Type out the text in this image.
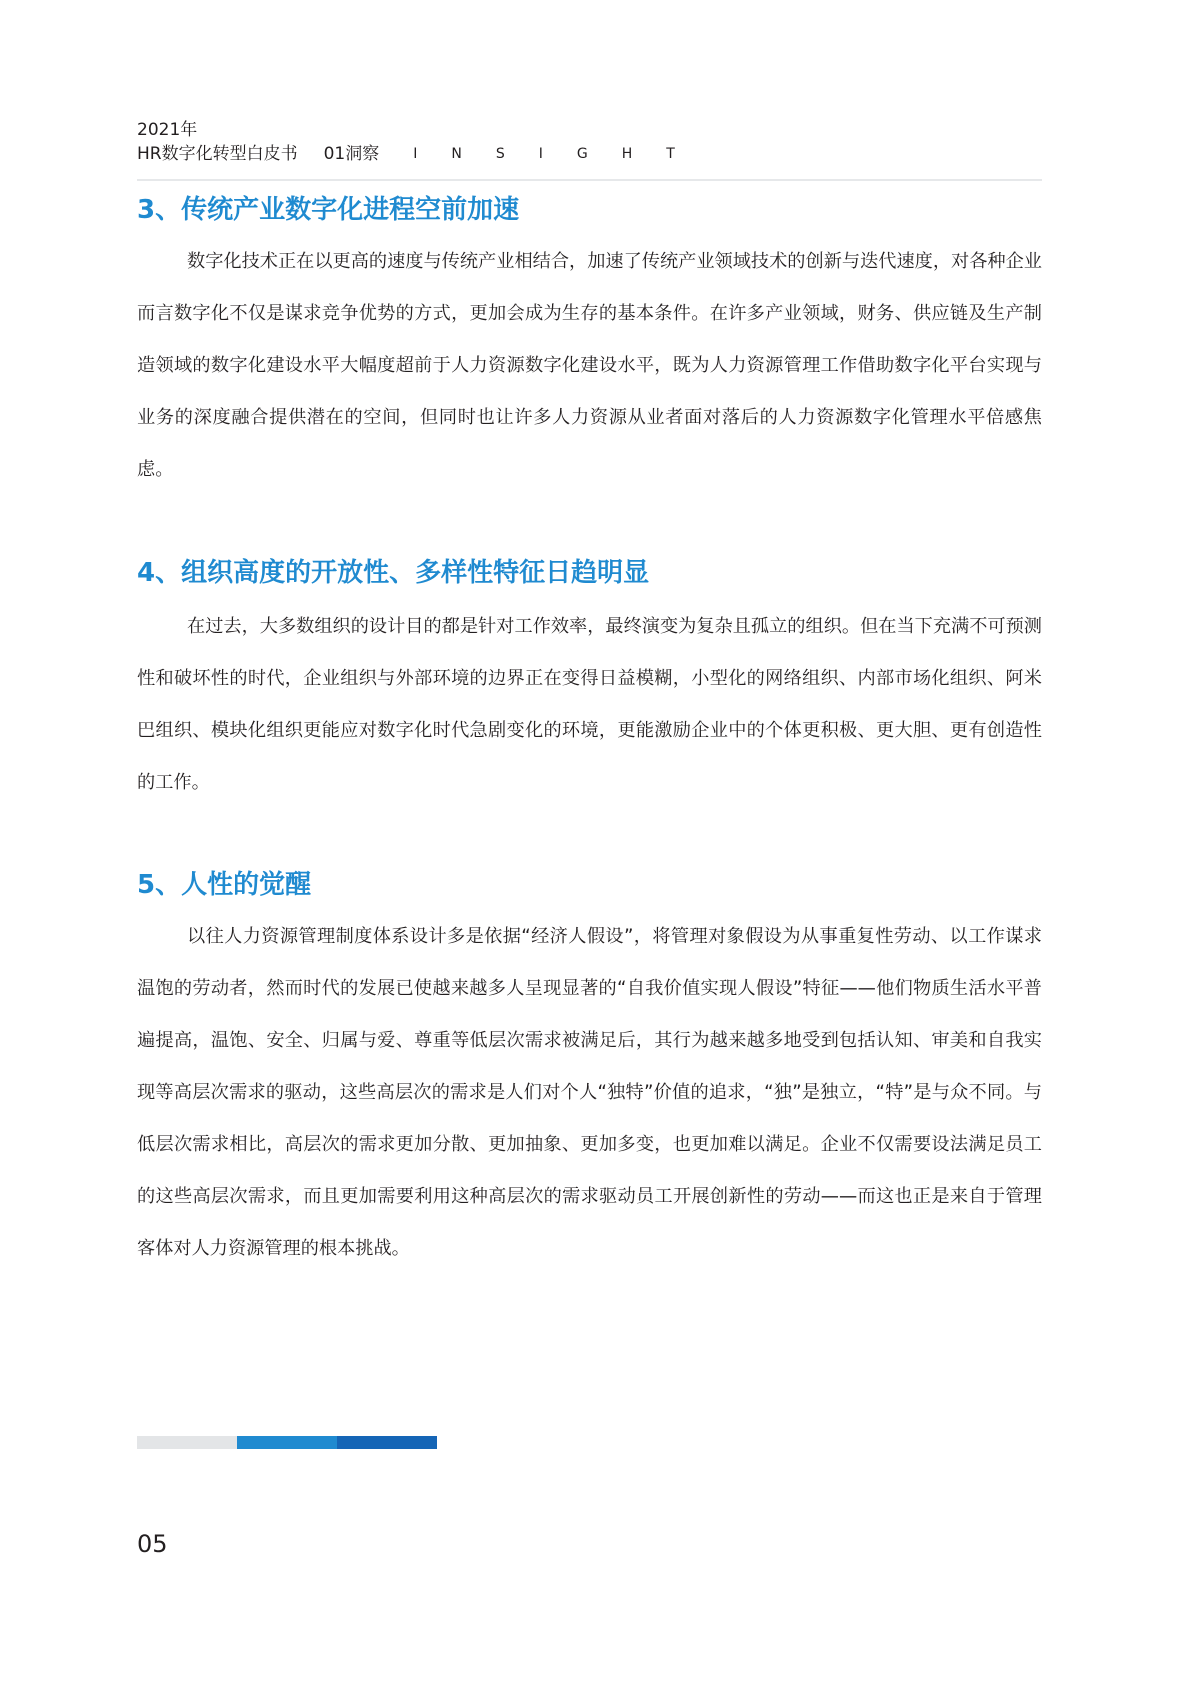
2021年
HR数字化转型白皮书 01洞察 I N S I G H T
3、传统产业数字化进程空前加速

数字化技术正在以更高的速度与传统产业相结合，加速了传统产业领域技术的创新与迭代速度，对各种企业而言数字化不仅是谋求竞争优势的方式，更加会成为生存的基本条件。在许多产业领域，财务、供应链及生产制造领域的数字化建设水平大幅度超前于人力资源数字化建设水平，既为人力资源管理工作借助数字化平台实现与业务的深度融合提供潜在的空间，但同时也让许多人力资源从业者面对落后的人力资源数字化管理水平倍感焦虑。

4、组织高度的开放性、多样性特征日趋明显

在过去，大多数组织的设计目的都是针对工作效率，最终演变为复杂且孤立的组织。但在当下充满不可预测性和破坏性的时代，企业组织与外部环境的边界正在变得日益模糊，小型化的网络组织、内部市场化组织、阿米巴组织、模块化组织更能应对数字化时代急剧变化的环境，更能激励企业中的个体更积极、更大胆、更有创造性的工作。

5、人性的觉醒

以往人力资源管理制度体系设计多是依据“经济人假设”，将管理对象假设为从事重复性劳动、以工作谋求温饱的劳动者，然而时代的发展已使越来越多人呈现显著的“自我价值实现人假设”特征——他们物质生活水平普遍提高，温饱、安全、归属与爱、尊重等低层次需求被满足后，其行为越来越多地受到包括认知、审美和自我实现等高层次需求的驱动，这些高层次的需求是人们对个人“独特”价值的追求，“独”是独立，“特”是与众不同。与低层次需求相比，高层次的需求更加分散、更加抽象、更加多变，也更加难以满足。企业不仅需要设法满足员工的这些高层次需求，而且更加需要利用这种高层次的需求驱动员工开展创新性的劳动——而这也正是来自于管理客体对人力资源管理的根本挑战。

05
